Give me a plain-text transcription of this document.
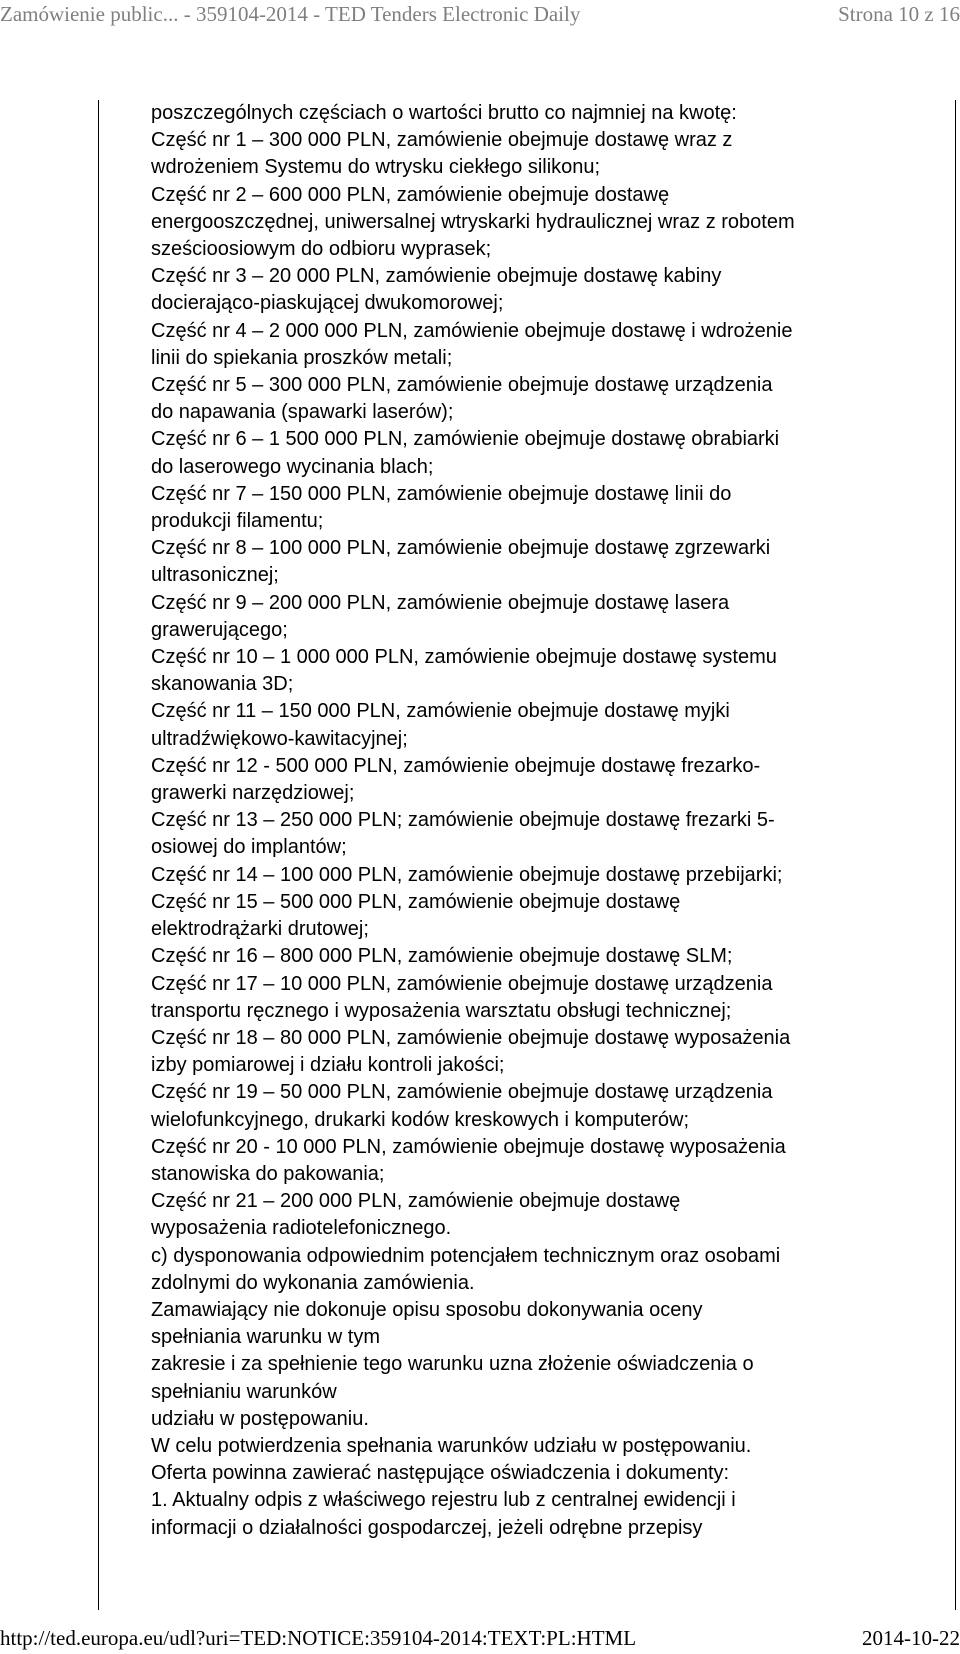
Zamówienie public... - 359104-2014 - TED Tenders Electronic Daily	Strona 10 z 16

poszczególnych częściach o wartości brutto co najmniej na kwotę:

Część nr 1 – 300 000 PLN, zamówienie obejmuje dostawę wraz z

wdrożeniem Systemu do wtrysku ciekłego silikonu;

Część nr 2 – 600 000 PLN, zamówienie obejmuje dostawę

energooszczędnej, uniwersalnej wtryskarki hydraulicznej wraz z robotem

sześcioosiowym do odbioru wyprasek;

Część nr 3 – 20 000 PLN, zamówienie obejmuje dostawę kabiny

docierająco-piaskującej dwukomorowej;

Część nr 4 – 2 000 000 PLN, zamówienie obejmuje dostawę i wdrożenie

linii do spiekania proszków metali;

Część nr 5 – 300 000 PLN, zamówienie obejmuje dostawę urządzenia

do napawania (spawarki laserów);

Część nr 6 – 1 500 000 PLN, zamówienie obejmuje dostawę obrabiarki

do laserowego wycinania blach;

Część nr 7 – 150 000 PLN, zamówienie obejmuje dostawę linii do

produkcji filamentu;

Część nr 8 – 100 000 PLN, zamówienie obejmuje dostawę zgrzewarki

ultrasonicznej;

Część nr 9 – 200 000 PLN, zamówienie obejmuje dostawę lasera

grawerującego;

Część nr 10 – 1 000 000 PLN, zamówienie obejmuje dostawę systemu

skanowania 3D;

Część nr 11 – 150 000 PLN, zamówienie obejmuje dostawę myjki

ultradźwiękowo-kawitacyjnej;

Część nr 12 - 500 000 PLN, zamówienie obejmuje dostawę frezarko-

grawerki narzędziowej;

Część nr 13 – 250 000 PLN; zamówienie obejmuje dostawę frezarki 5-

osiowej do implantów;

Część nr 14 – 100 000 PLN, zamówienie obejmuje dostawę przebijarki;

Część nr 15 – 500 000 PLN, zamówienie obejmuje dostawę

elektrodrążarki drutowej;

Część nr 16 – 800 000 PLN, zamówienie obejmuje dostawę SLM;

Część nr 17 – 10 000 PLN, zamówienie obejmuje dostawę urządzenia

transportu ręcznego i wyposażenia warsztatu obsługi technicznej;

Część nr 18 – 80 000 PLN, zamówienie obejmuje dostawę wyposażenia

izby pomiarowej i działu kontroli jakości;

Część nr 19 – 50 000 PLN, zamówienie obejmuje dostawę urządzenia

wielofunkcyjnego, drukarki kodów kreskowych i komputerów;

Część nr 20 - 10 000 PLN, zamówienie obejmuje dostawę wyposażenia

stanowiska do pakowania;

Część nr 21 – 200 000 PLN, zamówienie obejmuje dostawę

wyposażenia radiotelefonicznego.

c) dysponowania odpowiednim potencjałem technicznym oraz osobami

zdolnymi do wykonania zamówienia.

Zamawiający nie dokonuje opisu sposobu dokonywania oceny

spełniania warunku w tym

zakresie i za spełnienie tego warunku uzna złożenie oświadczenia o

spełnianiu warunków

udziału w postępowaniu.

W celu potwierdzenia spełnania warunków udziału w postępowaniu.

Oferta powinna zawierać następujące oświadczenia i dokumenty:

1. Aktualny odpis z właściwego rejestru lub z centralnej ewidencji i

informacji o działalności gospodarczej, jeżeli odrębne przepisy

http://ted.europa.eu/udl?uri=TED:NOTICE:359104-2014:TEXT:PL:HTML	2014-10-22
